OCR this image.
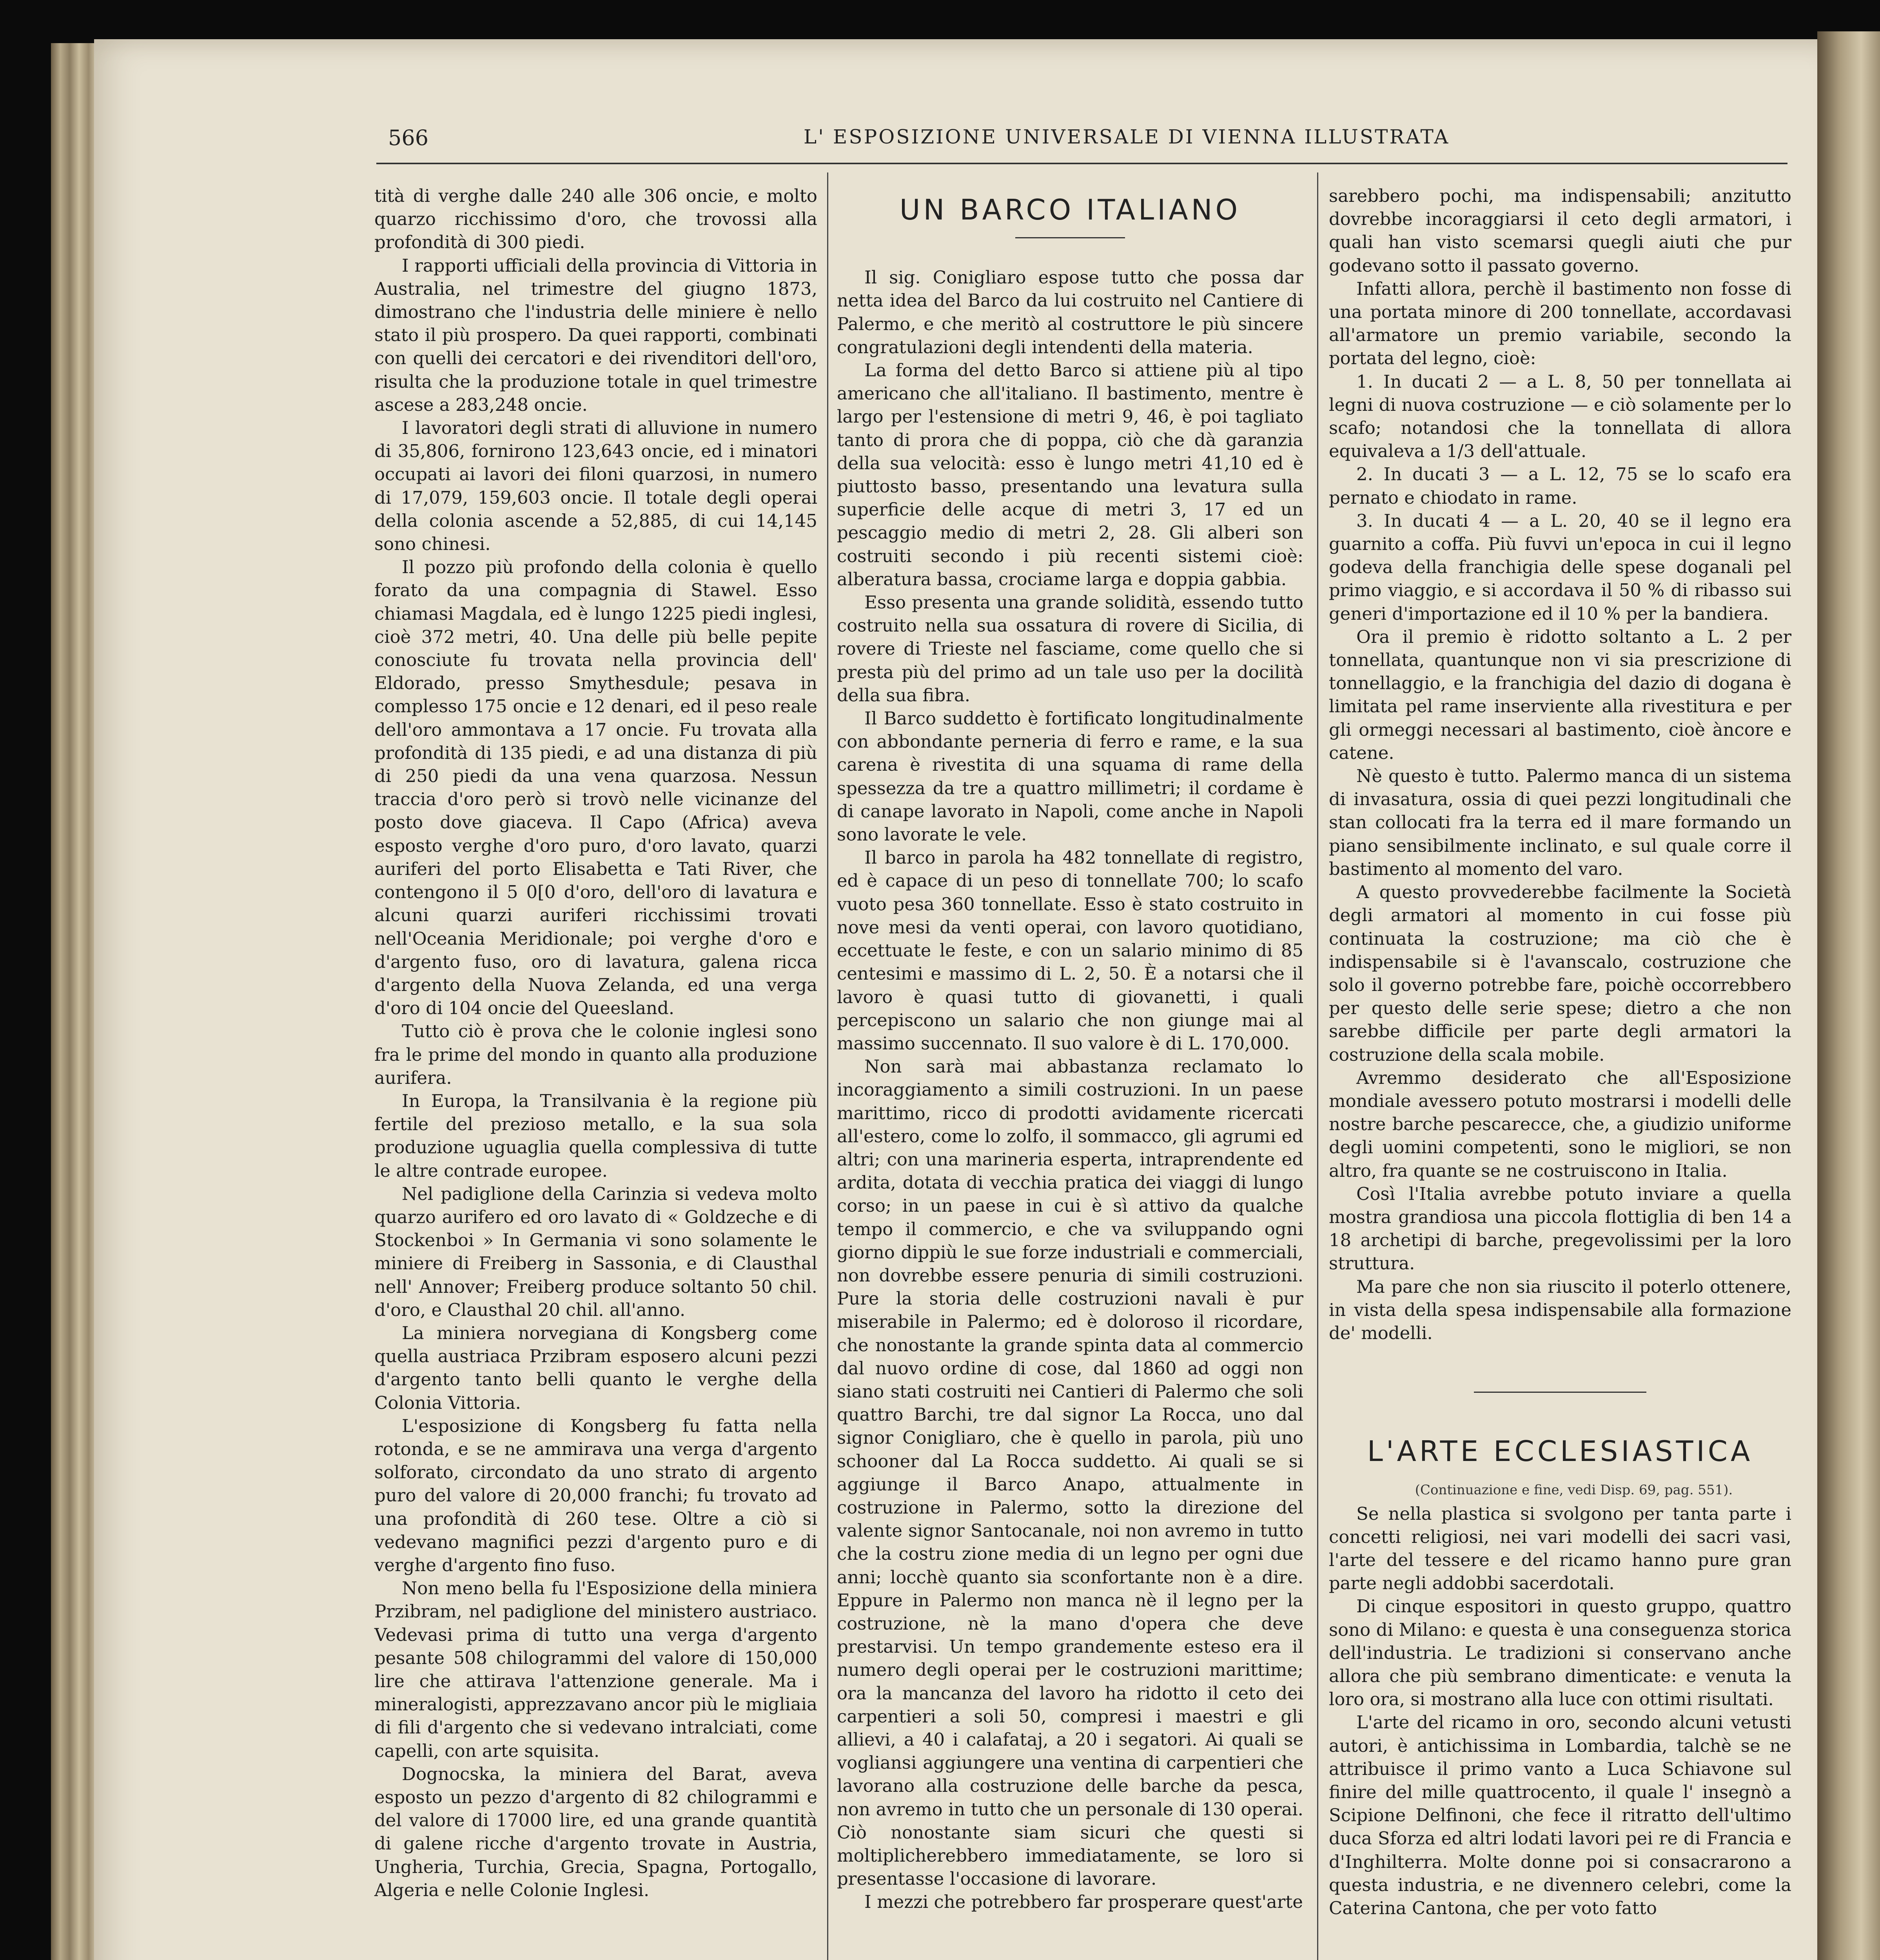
566	L' ESPOSIZIONE UNIVERSALE DI VIENNA ILLUSTRATA

tità di verghe dalle 240 alle 306 oncie, e molto quarzo ricchissimo d'oro, che trovossi alla profondità di 300 piedi.

I rapporti ufficiali della provincia di Vittoria in Australia, nel trimestre del giugno 1873, dimostrano che l'industria delle miniere è nello stato il più prospero. Da quei rapporti, combinati con quelli dei cercatori e dei rivenditori dell'oro, risulta che la produzione totale in quel trimestre ascese a 283,248 oncie.

I lavoratori degli strati di alluvione in numero di 35,806, fornirono 123,643 oncie, ed i minatori occupati ai lavori dei filoni quarzosi, in numero di 17,079, 159,603 oncie. Il totale degli operai della colonia ascende a 52,885, di cui 14,145 sono chinesi.

Il pozzo più profondo della colonia è quello forato da una compagnia di Stawel. Esso chiamasi Magdala, ed è lungo 1225 piedi inglesi, cioè 372 metri, 40. Una delle più belle pepite conosciute fu trovata nella provincia dell' Eldorado, presso Smythesdule; pesava in complesso 175 oncie e 12 denari, ed il peso reale dell'oro ammontava a 17 oncie. Fu trovata alla profondità di 135 piedi, e ad una distanza di più di 250 piedi da una vena quarzosa. Nessun traccia d'oro però si trovò nelle vicinanze del posto dove giaceva. Il Capo (Africa) aveva esposto verghe d'oro puro, d'oro lavato, quarzi auriferi del porto Elisabetta e Tati River, che contengono il 5 0[0 d'oro, dell'oro di lavatura e alcuni quarzi auriferi ricchissimi trovati nell'Oceania Meridionale; poi verghe d'oro e d'argento fuso, oro di lavatura, galena ricca d'argento della Nuova Zelanda, ed una verga d'oro di 104 oncie del Queesland.

Tutto ciò è prova che le colonie inglesi sono fra le prime del mondo in quanto alla produzione aurifera.

In Europa, la Transilvania è la regione più fertile del prezioso metallo, e la sua sola produzione uguaglia quella complessiva di tutte le altre contrade europee.

Nel padiglione della Carinzia si vedeva molto quarzo aurifero ed oro lavato di « Goldzeche e di Stockenboi » In Germania vi sono solamente le miniere di Freiberg in Sassonia, e di Clausthal nell' Annover; Freiberg produce soltanto 50 chil. d'oro, e Clausthal 20 chil. all'anno.

La miniera norvegiana di Kongsberg come quella austriaca Przibram esposero alcuni pezzi d'argento tanto belli quanto le verghe della Colonia Vittoria.

L'esposizione di Kongsberg fu fatta nella rotonda, e se ne ammirava una verga d'argento solforato, circondato da uno strato di argento puro del valore di 20,000 franchi; fu trovato ad una profondità di 260 tese. Oltre a ciò si vedevano magnifici pezzi d'argento puro e di verghe d'argento fino fuso.

Non meno bella fu l'Esposizione della miniera Przibram, nel padiglione del ministero austriaco. Vedevasi prima di tutto una verga d'argento pesante 508 chilogrammi del valore di 150,000 lire che attirava l'attenzione generale. Ma i mineralogisti, apprezzavano ancor più le migliaia di fili d'argento che si vedevano intralciati, come capelli, con arte squisita.

Dognocska, la miniera del Barat, aveva esposto un pezzo d'argento di 82 chilogrammi e del valore di 17000 lire, ed una grande quantità di galene ricche d'argento trovate in Austria, Ungheria, Turchia, Grecia, Spagna, Portogallo, Algeria e nelle Colonie Inglesi.

UN BARCO ITALIANO

Il sig. Conigliaro espose tutto che possa dar netta idea del Barco da lui costruito nel Cantiere di Palermo, e che meritò al costruttore le più sincere congratulazioni degli intendenti della materia.

La forma del detto Barco si attiene più al tipo americano che all'italiano. Il bastimento, mentre è largo per l'estensione di metri 9, 46, è poi tagliato tanto di prora che di poppa, ciò che dà garanzia della sua velocità: esso è lungo metri 41,10 ed è piuttosto basso, presentando una levatura sulla superficie delle acque di metri 3, 17 ed un pescaggio medio di metri 2, 28. Gli alberi son costruiti secondo i più recenti sistemi cioè: alberatura bassa, crociame larga e doppia gabbia.

Esso presenta una grande solidità, essendo tutto costruito nella sua ossatura di rovere di Sicilia, di rovere di Trieste nel fasciame, come quello che si presta più del primo ad un tale uso per la docilità della sua fibra.

Il Barco suddetto è fortificato longitudinalmente con abbondante perneria di ferro e rame, e la sua carena è rivestita di una squama di rame della spessezza da tre a quattro millimetri; il cordame è di canape lavorato in Napoli, come anche in Napoli sono lavorate le vele.

Il barco in parola ha 482 tonnellate di registro, ed è capace di un peso di tonnellate 700; lo scafo vuoto pesa 360 tonnellate. Esso è stato costruito in nove mesi da venti operai, con lavoro quotidiano, eccettuate le feste, e con un salario minimo di 85 centesimi e massimo di L. 2, 50. È a notarsi che il lavoro è quasi tutto di giovanetti, i quali percepiscono un salario che non giunge mai al massimo succennato. Il suo valore è di L. 170,000.

Non sarà mai abbastanza reclamato lo incoraggiamento a simili costruzioni. In un paese marittimo, ricco di prodotti avidamente ricercati all'estero, come lo zolfo, il sommacco, gli agrumi ed altri; con una marineria esperta, intraprendente ed ardita, dotata di vecchia pratica dei viaggi di lungo corso; in un paese in cui è sì attivo da qualche tempo il commercio, e che va sviluppando ogni giorno dippiù le sue forze industriali e commerciali, non dovrebbe essere penuria di simili costruzioni. Pure la storia delle costruzioni navali è pur miserabile in Palermo; ed è doloroso il ricordare, che nonostante la grande spinta data al commercio dal nuovo ordine di cose, dal 1860 ad oggi non siano stati costruiti nei Cantieri di Palermo che soli quattro Barchi, tre dal signor La Rocca, uno dal signor Conigliaro, che è quello in parola, più uno schooner dal La Rocca suddetto. Ai quali se si aggiunge il Barco Anapo, attualmente in costruzione in Palermo, sotto la direzione del valente signor Santocanale, noi non avremo in tutto che la costru zione media di un legno per ogni due anni; locchè quanto sia sconfortante non è a dire. Eppure in Palermo non manca nè il legno per la costruzione, nè la mano d'opera che deve prestarvisi. Un tempo grandemente esteso era il numero degli operai per le costruzioni marittime; ora la mancanza del lavoro ha ridotto il ceto dei carpentieri a soli 50, compresi i maestri e gli allievi, a 40 i calafataj, a 20 i segatori. Ai quali se vogliansi aggiungere una ventina di carpentieri che lavorano alla costruzione delle barche da pesca, non avremo in tutto che un personale di 130 operai. Ciò nonostante siam sicuri che questi si moltiplicherebbero immediatamente, se loro si presentasse l'occasione di lavorare.

I mezzi che potrebbero far prosperare quest'arte

sarebbero pochi, ma indispensabili; anzitutto dovrebbe incoraggiarsi il ceto degli armatori, i quali han visto scemarsi quegli aiuti che pur godevano sotto il passato governo.

Infatti allora, perchè il bastimento non fosse di una portata minore di 200 tonnellate, accordavasi all'armatore un premio variabile, secondo la portata del legno, cioè:

1. In ducati 2 — a L. 8, 50 per tonnellata ai legni di nuova costruzione — e ciò solamente per lo scafo; notandosi che la tonnellata di allora equivaleva a 1/3 dell'attuale.

2. In ducati 3 — a L. 12, 75 se lo scafo era pernato e chiodato in rame.

3. In ducati 4 — a L. 20, 40 se il legno era guarnito a coffa. Più fuvvi un'epoca in cui il legno godeva della franchigia delle spese doganali pel primo viaggio, e si accordava il 50 % di ribasso sui generi d'importazione ed il 10 % per la bandiera.

Ora il premio è ridotto soltanto a L. 2 per tonnellata, quantunque non vi sia prescrizione di tonnellaggio, e la franchigia del dazio di dogana è limitata pel rame inserviente alla rivestitura e per gli ormeggi necessari al bastimento, cioè àncore e catene.

Nè questo è tutto. Palermo manca di un sistema di invasatura, ossia di quei pezzi longitudinali che stan collocati fra la terra ed il mare formando un piano sensibilmente inclinato, e sul quale corre il bastimento al momento del varo.

A questo provvederebbe facilmente la Società degli armatori al momento in cui fosse più continuata la costruzione; ma ciò che è indispensabile si è l'avanscalo, costruzione che solo il governo potrebbe fare, poichè occorrebbero per questo delle serie spese; dietro a che non sarebbe difficile per parte degli armatori la costruzione della scala mobile.

Avremmo desiderato che all'Esposizione mondiale avessero potuto mostrarsi i modelli delle nostre barche pescarecce, che, a giudizio uniforme degli uomini competenti, sono le migliori, se non altro, fra quante se ne costruiscono in Italia.

Così l'Italia avrebbe potuto inviare a quella mostra grandiosa una piccola flottiglia di ben 14 a 18 archetipi di barche, pregevolissimi per la loro struttura.

Ma pare che non sia riuscito il poterlo ottenere, in vista della spesa indispensabile alla formazione de' modelli.

L'ARTE ECCLESIASTICA

(Continuazione e fine, vedi Disp. 69, pag. 551).

Se nella plastica si svolgono per tanta parte i concetti religiosi, nei vari modelli dei sacri vasi, l'arte del tessere e del ricamo hanno pure gran parte negli addobbi sacerdotali.

Di cinque espositori in questo gruppo, quattro sono di Milano: e questa è una conseguenza storica dell'industria. Le tradizioni si conservano anche allora che più sembrano dimenticate: e venuta la loro ora, si mostrano alla luce con ottimi risultati.

L'arte del ricamo in oro, secondo alcuni vetusti autori, è antichissima in Lombardia, talchè se ne attribuisce il primo vanto a Luca Schiavone sul finire del mille quattrocento, il quale l' insegnò a Scipione Delfinoni, che fece il ritratto dell'ultimo duca Sforza ed altri lodati lavori pei re di Francia e d'Inghilterra. Molte donne poi si consacrarono a questa industria, e ne divennero celebri, come la Caterina Cantona, che per voto fatto
